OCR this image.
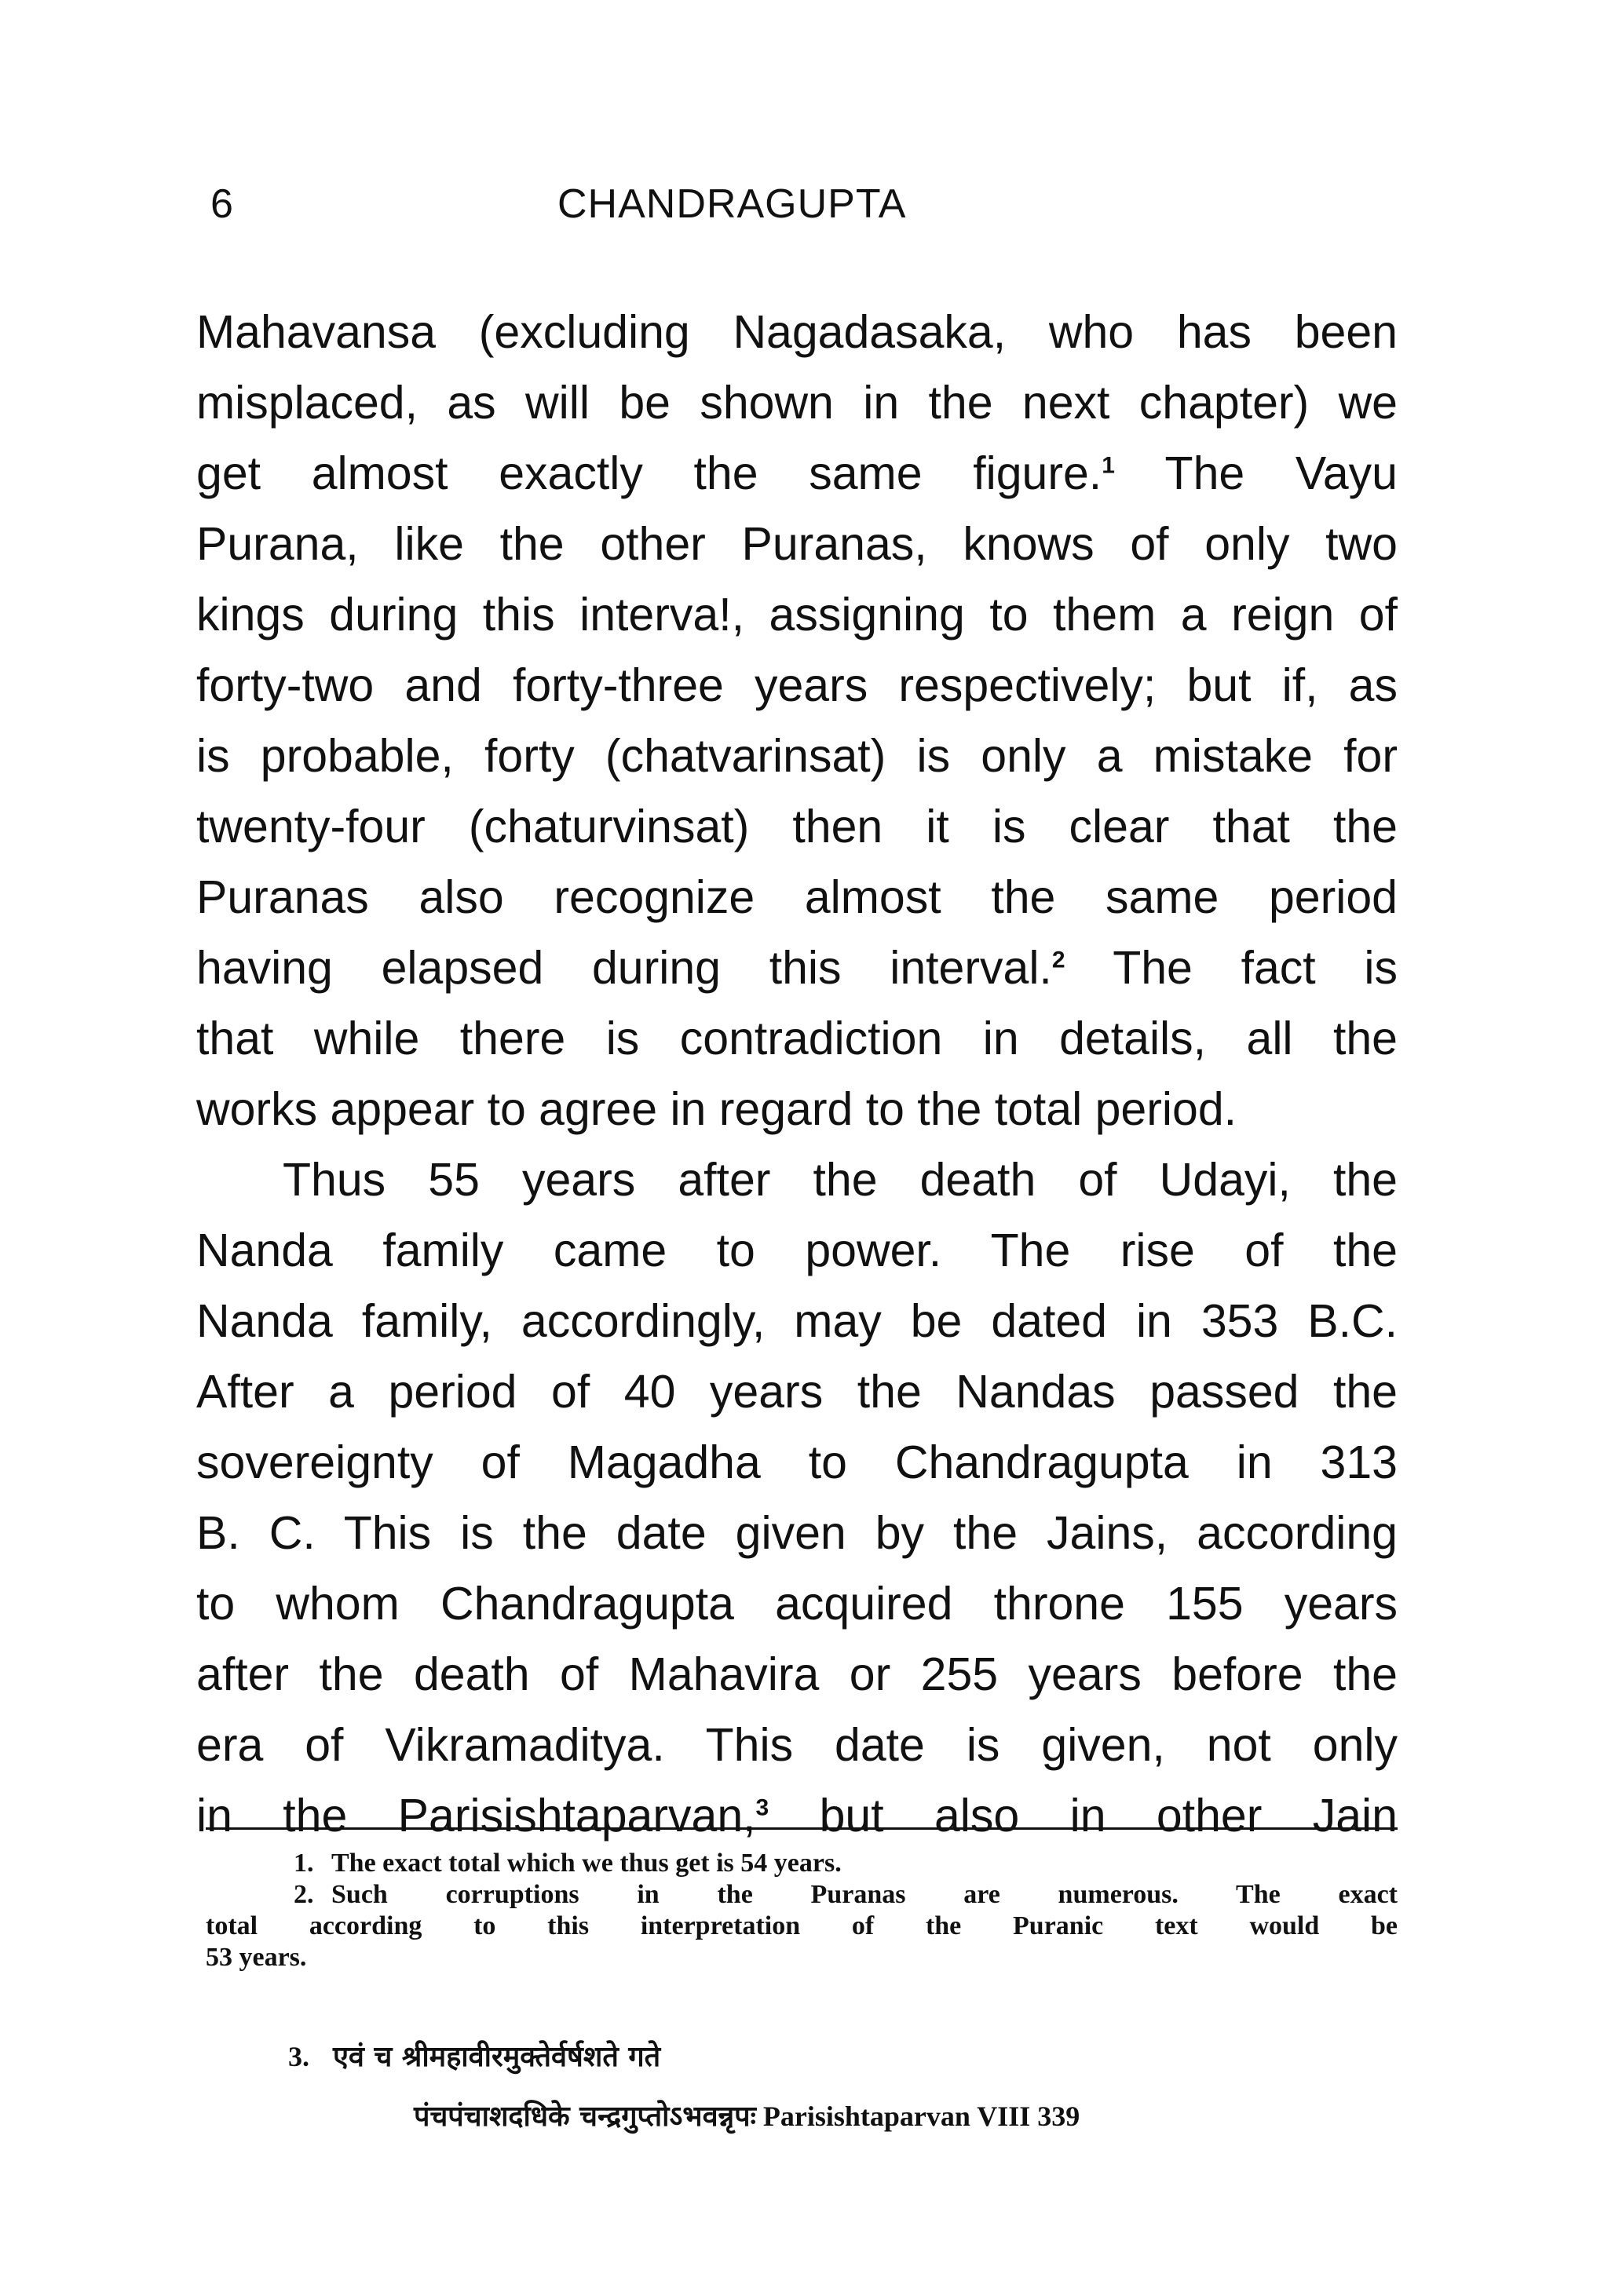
6	CHANDRAGUPTA
Mahavansa (excluding Nagadasaka, who has been
misplaced, as will be shown in the next chapter) we
get almost exactly the same figure.$^1$ The Vayu
Purana, like the other Puranas, knows of only two
kings during this interva!, assigning to them a reign of
forty-two and forty-three years respectively; but if, as
is probable, forty (chatvarinsat) is only a mistake for
twenty-four (chaturvinsat) then it is clear that the
Puranas also recognize almost the same period
having elapsed during this interval.$^2$ The fact is
that while there is contradiction in details, all the
works appear to agree in regard to the total period.
Thus 55 years after the death of Udayi, the
Nanda family came to power. The rise of the
Nanda family, accordingly, may be dated in 353 B.C.
After a period of 40 years the Nandas passed the
sovereignty of Magadha to Chandragupta in 313
B. C. This is the date given by the Jains, according
to whom Chandragupta acquired throne 155 years
after the death of Mahavira or 255 years before the
era of Vikramaditya. This date is given, not only
in the Parisishtaparvan,$^3$ but also in other Jain
1. The exact total which we thus get is 54 years.
2. Such corruptions in the Puranas are numerous. The exact
total according to this interpretation of the Puranic text would be
53 years.
3. एवं च श्रीमहावीरमुक्तेर्वर्षशते गते
पंचपंचाशदधिके चन्द्रगुप्तोऽभवन्नृपः Parisishtaparvan VIII 339
